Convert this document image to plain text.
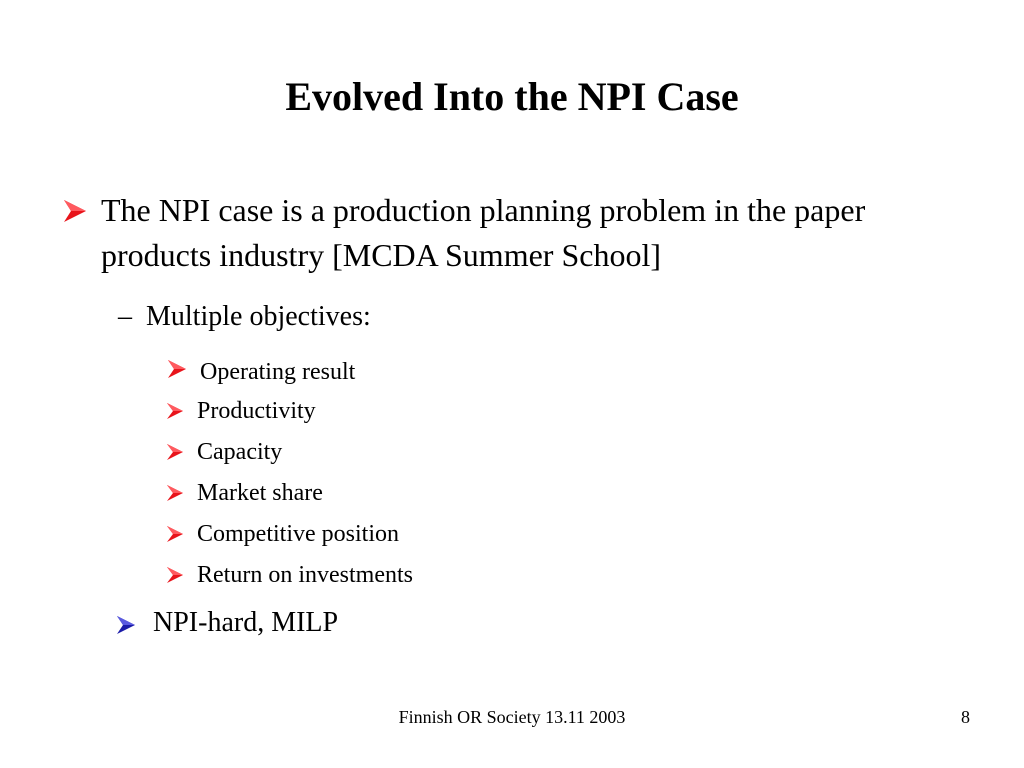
Evolved Into the NPI Case
The NPI case is a production planning problem in the paper products industry [MCDA Summer School]
– Multiple objectives:
Operating result
Productivity
Capacity
Market share
Competitive position
Return on investments
NPI-hard, MILP
Finnish OR Society 13.11 2003	8
